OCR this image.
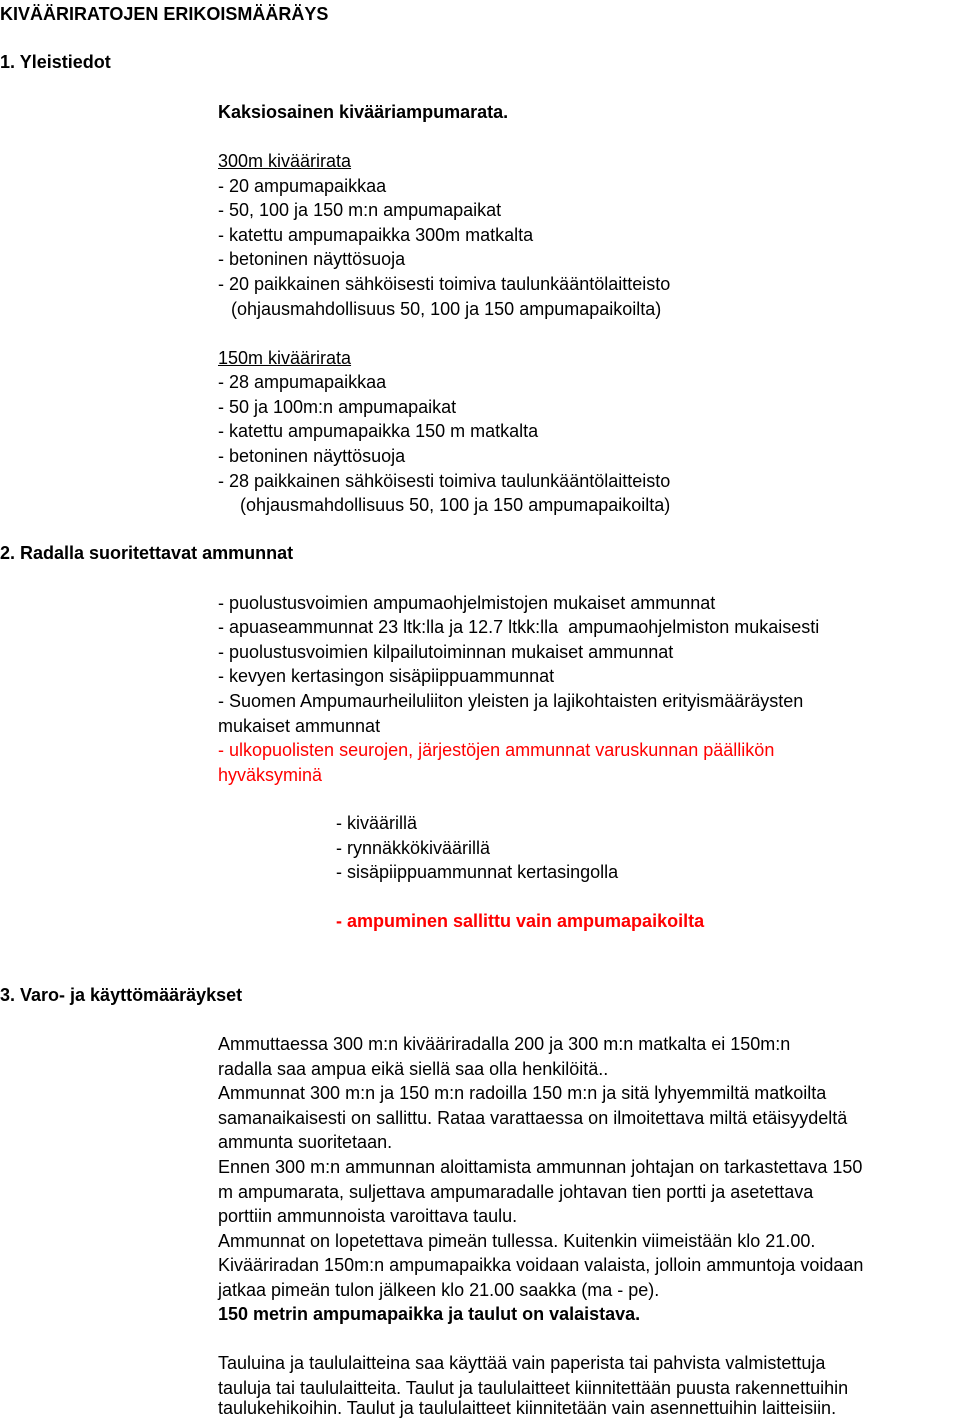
KIVÄÄRIRATOJEN ERIKOISMÄÄRÄYS
1. Yleistiedot
Kaksiosainen kivääriampumarata.
300m kiväärirata
- 20 ampumapaikkaa
- 50, 100 ja 150 m:n ampumapaikat
- katettu ampumapaikka 300m matkalta
- betoninen näyttösuoja
- 20 paikkainen sähköisesti toimiva taulunkääntölaitteisto
(ohjausmahdollisuus 50, 100 ja 150 ampumapaikoilta)
150m kiväärirata
- 28 ampumapaikkaa
- 50 ja 100m:n ampumapaikat
- katettu ampumapaikka 150 m matkalta
- betoninen näyttösuoja
- 28 paikkainen sähköisesti toimiva taulunkääntölaitteisto
(ohjausmahdollisuus 50, 100 ja 150 ampumapaikoilta)
2. Radalla suoritettavat ammunnat
- puolustusvoimien ampumaohjelmistojen mukaiset ammunnat
- apuaseammunnat 23 ltk:lla ja 12.7 ltkk:lla  ampumaohjelmiston mukaisesti
- puolustusvoimien kilpailutoiminnan mukaiset ammunnat
- kevyen kertasingon sisäpiippuammunnat
- Suomen Ampumaurheiluliiton yleisten ja lajikohtaisten erityismääräysten
mukaiset ammunnat
- ulkopuolisten seurojen, järjestöjen ammunnat varuskunnan päällikön
hyväksyminä
- kiväärillä
- rynnäkkökiväärillä
- sisäpiippuammunnat kertasingolla
- ampuminen sallittu vain ampumapaikoilta
3. Varo- ja käyttömääräykset
Ammuttaessa 300 m:n kivääriradalla 200 ja 300 m:n matkalta ei 150m:n
radalla saa ampua eikä siellä saa olla henkilöitä..
Ammunnat 300 m:n ja 150 m:n radoilla 150 m:n ja sitä lyhyemmiltä matkoilta
samanaikaisesti on sallittu. Rataa varattaessa on ilmoitettava miltä etäisyydeltä
ammunta suoritetaan.
Ennen 300 m:n ammunnan aloittamista ammunnan johtajan on tarkastettava 150
m ampumarata, suljettava ampumaradalle johtavan tien portti ja asetettava
porttiin ammunnoista varoittava taulu.
Ammunnat on lopetettava pimeän tullessa. Kuitenkin viimeistään klo 21.00.
Kivääriradan 150m:n ampumapaikka voidaan valaista, jolloin ammuntoja voidaan
jatkaa pimeän tulon jälkeen klo 21.00 saakka (ma - pe).
150 metrin ampumapaikka ja taulut on valaistava.
Tauluina ja taululaitteina saa käyttää vain paperista tai pahvista valmistettuja
tauluja tai taululaitteita. Taulut ja taululaitteet kiinnitettään puusta rakennettuihin
taulukehikoihin. Taulut ja taululaitteet kiinnitetään vain asennettuihin laitteisiin.
